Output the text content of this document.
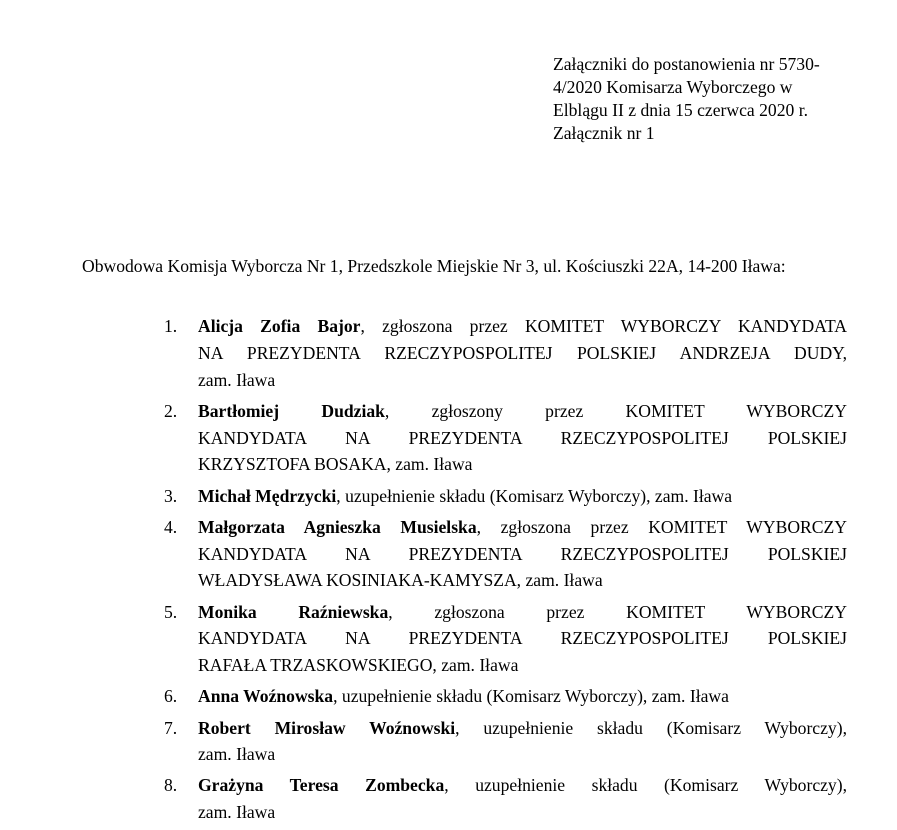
Załączniki do postanowienia nr 5730-
4/2020 Komisarza Wyborczego w
Elblągu II z dnia 15 czerwca 2020 r.
Załącznik nr 1
Obwodowa Komisja Wyborcza Nr 1, Przedszkole Miejskie Nr 3, ul. Kościuszki 22A, 14-200 Iława:
1.	Alicja Zofia Bajor, zgłoszona przez KOMITET WYBORCZY KANDYDATA
NA PREZYDENTA RZECZYPOSPOLITEJ POLSKIEJ ANDRZEJA DUDY,
zam. Iława
2.	Bartłomiej Dudziak, zgłoszony przez KOMITET WYBORCZY
KANDYDATA NA PREZYDENTA RZECZYPOSPOLITEJ POLSKIEJ
KRZYSZTOFA BOSAKA, zam. Iława
3.	Michał Mędrzycki, uzupełnienie składu (Komisarz Wyborczy), zam. Iława
4.	Małgorzata Agnieszka Musielska, zgłoszona przez KOMITET WYBORCZY
KANDYDATA NA PREZYDENTA RZECZYPOSPOLITEJ POLSKIEJ
WŁADYSŁAWA KOSINIAKA-KAMYSZA, zam. Iława
5.	Monika Raźniewska, zgłoszona przez KOMITET WYBORCZY
KANDYDATA NA PREZYDENTA RZECZYPOSPOLITEJ POLSKIEJ
RAFAŁA TRZASKOWSKIEGO, zam. Iława
6.	Anna Woźnowska, uzupełnienie składu (Komisarz Wyborczy), zam. Iława
7.	Robert Mirosław Woźnowski, uzupełnienie składu (Komisarz Wyborczy),
zam. Iława
8.	Grażyna Teresa Zombecka, uzupełnienie składu (Komisarz Wyborczy),
zam. Iława
